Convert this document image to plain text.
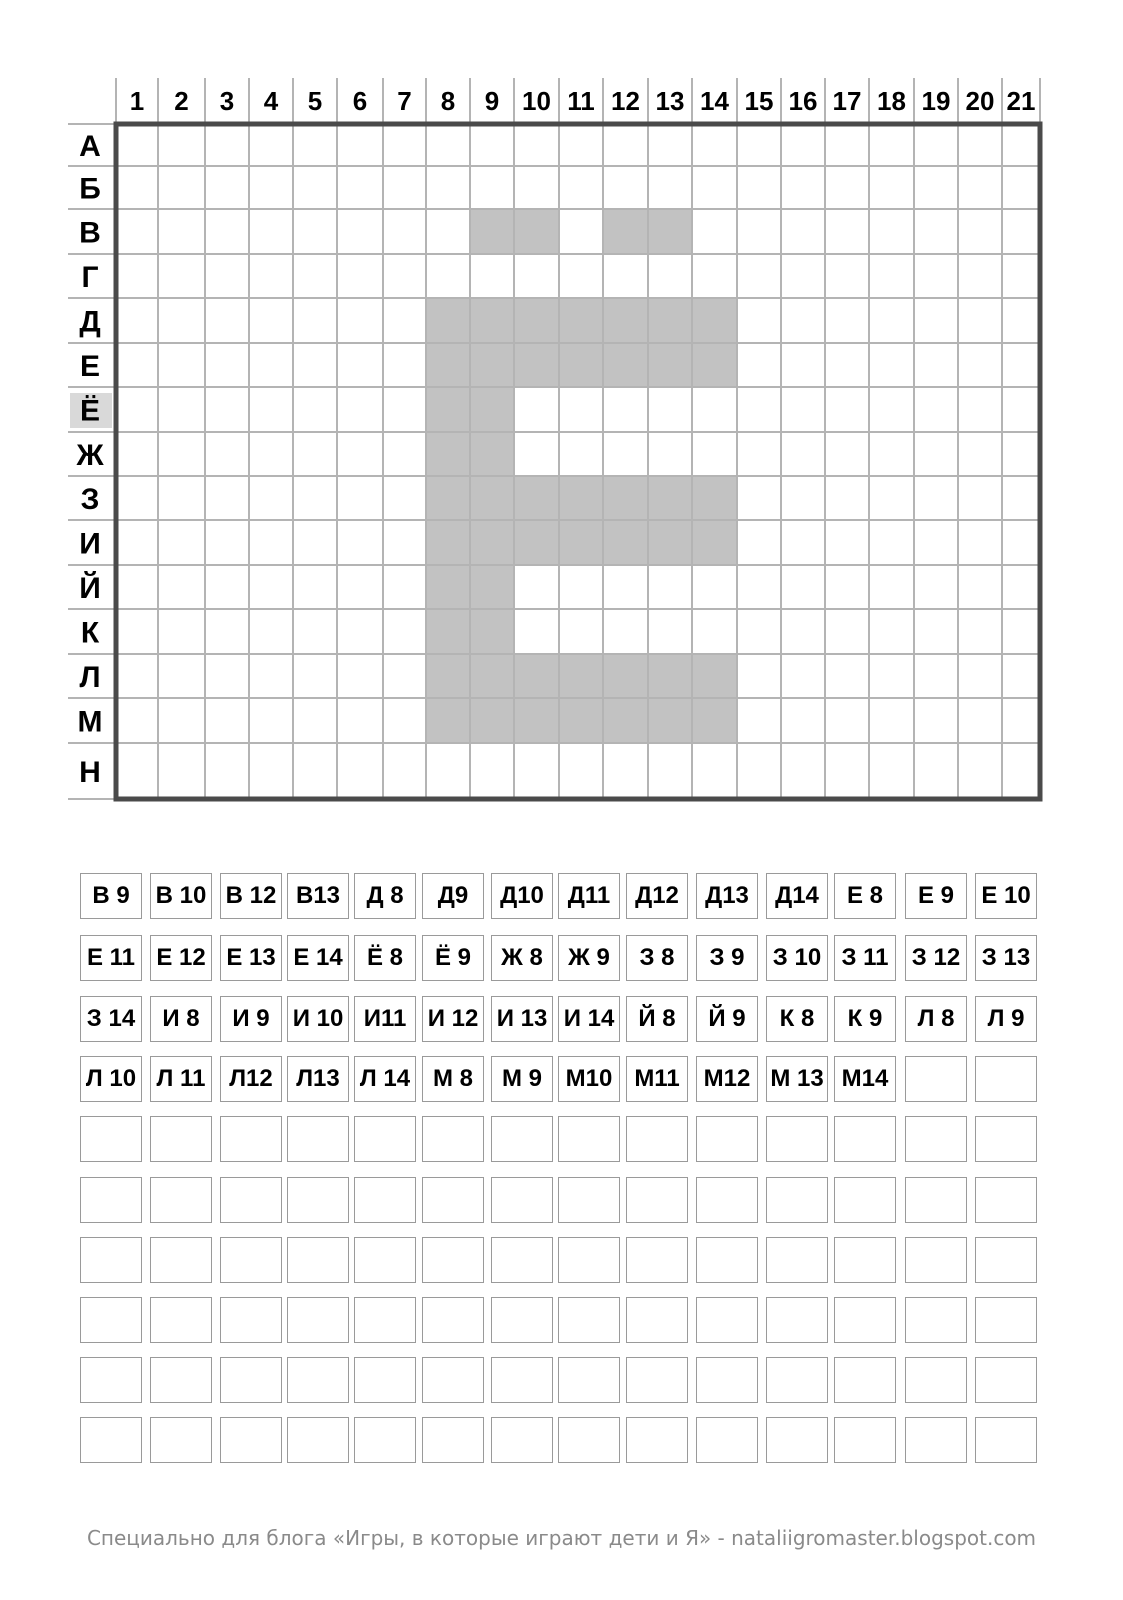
1 2 3 4 5 6 7 8 9 10 11 12 13 14 15 16 17 18 19 20 21
А
Б
В
Г
Д
Е
Ё
Ж
З
И
Й
К
Л
М
Н
В 9	В 10 В 12 В13	Д 8	Д9	Д10 Д11	Д12	Д13	Д14	Е 8	Е 9	Е 10
Е 11 Е 12 Е 13 Е 14	Ё 8	Ё 9	Ж 8	Ж 9	З 8	З 9	З 10 З 11 З 12 З 13
З 14	И 8	И 9 И 10 И11 И 12 И 13 И 14	Й 8	Й 9	К 8	К 9	Л 8	Л 9
Л 10 Л 11 Л12 Л13 Л 14 М 8	М 9 М10 М11 М12 М 13 М14
Специально для блога «Игры, в которые играют дети и Я» - nataliigromaster.blogspot.com
